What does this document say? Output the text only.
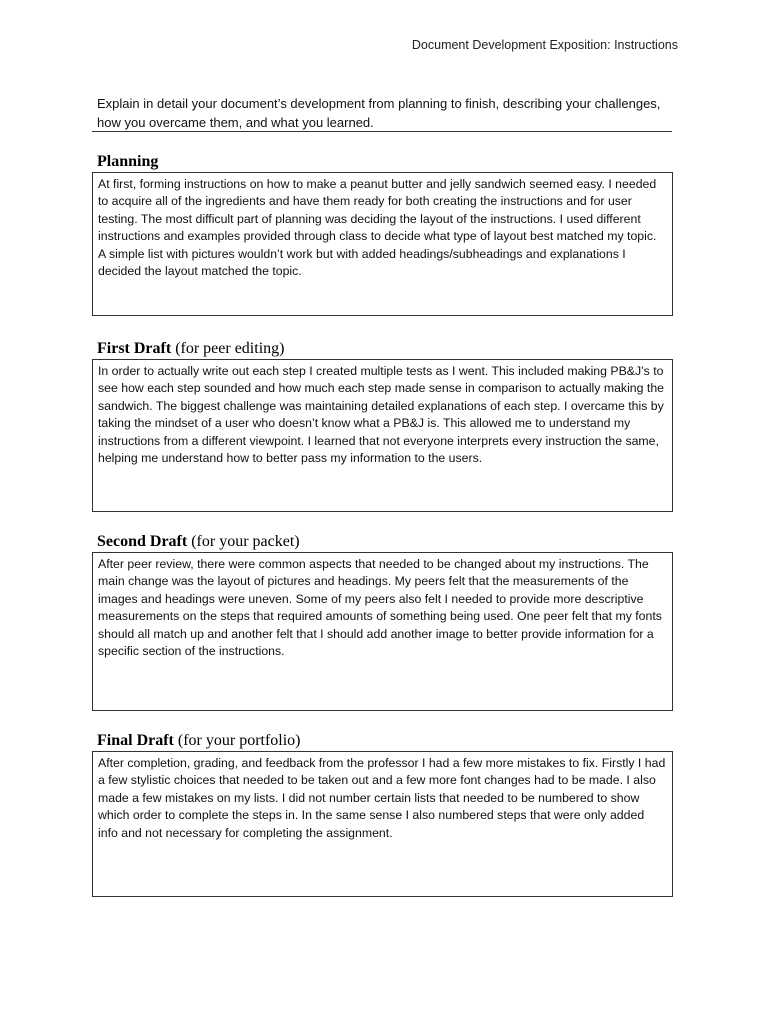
Document Development Exposition: Instructions
Explain in detail your document’s development from planning to finish, describing your challenges, how you overcame them, and what you learned.
Planning
At first, forming instructions on how to make a peanut butter and jelly sandwich seemed easy. I needed to acquire all of the ingredients and have them ready for both creating the instructions and for user testing. The most difficult part of planning was deciding the layout of the instructions. I used different instructions and examples provided through class to decide what type of layout best matched my topic. A simple list with pictures wouldn’t work but with added headings/subheadings and explanations I decided the layout matched the topic.
First Draft (for peer editing)
In order to actually write out each step I created multiple tests as I went. This included making PB&J’s to see how each step sounded and how much each step made sense in comparison to actually making the sandwich. The biggest challenge was maintaining detailed explanations of each step. I overcame this by taking the mindset of a user who doesn’t know what a PB&J is. This allowed me to understand my instructions from a different viewpoint. I learned that not everyone interprets every instruction the same, helping me understand how to better pass my information to the users.
Second Draft (for your packet)
After peer review, there were common aspects that needed to be changed about my instructions. The main change was the layout of pictures and headings. My peers felt that the measurements of the images and headings were uneven. Some of my peers also felt I needed to provide more descriptive measurements on the steps that required amounts of something being used. One peer felt that my fonts should all match up and another felt that I should add another image to better provide information for a specific section of the instructions.
Final Draft (for your portfolio)
After completion, grading, and feedback from the professor I had a few more mistakes to fix. Firstly I had a few stylistic choices that needed to be taken out and a few more font changes had to be made. I also made a few mistakes on my lists. I did not number certain lists that needed to be numbered to show which order to complete the steps in. In the same sense I also numbered steps that were only added info and not necessary for completing the assignment.
